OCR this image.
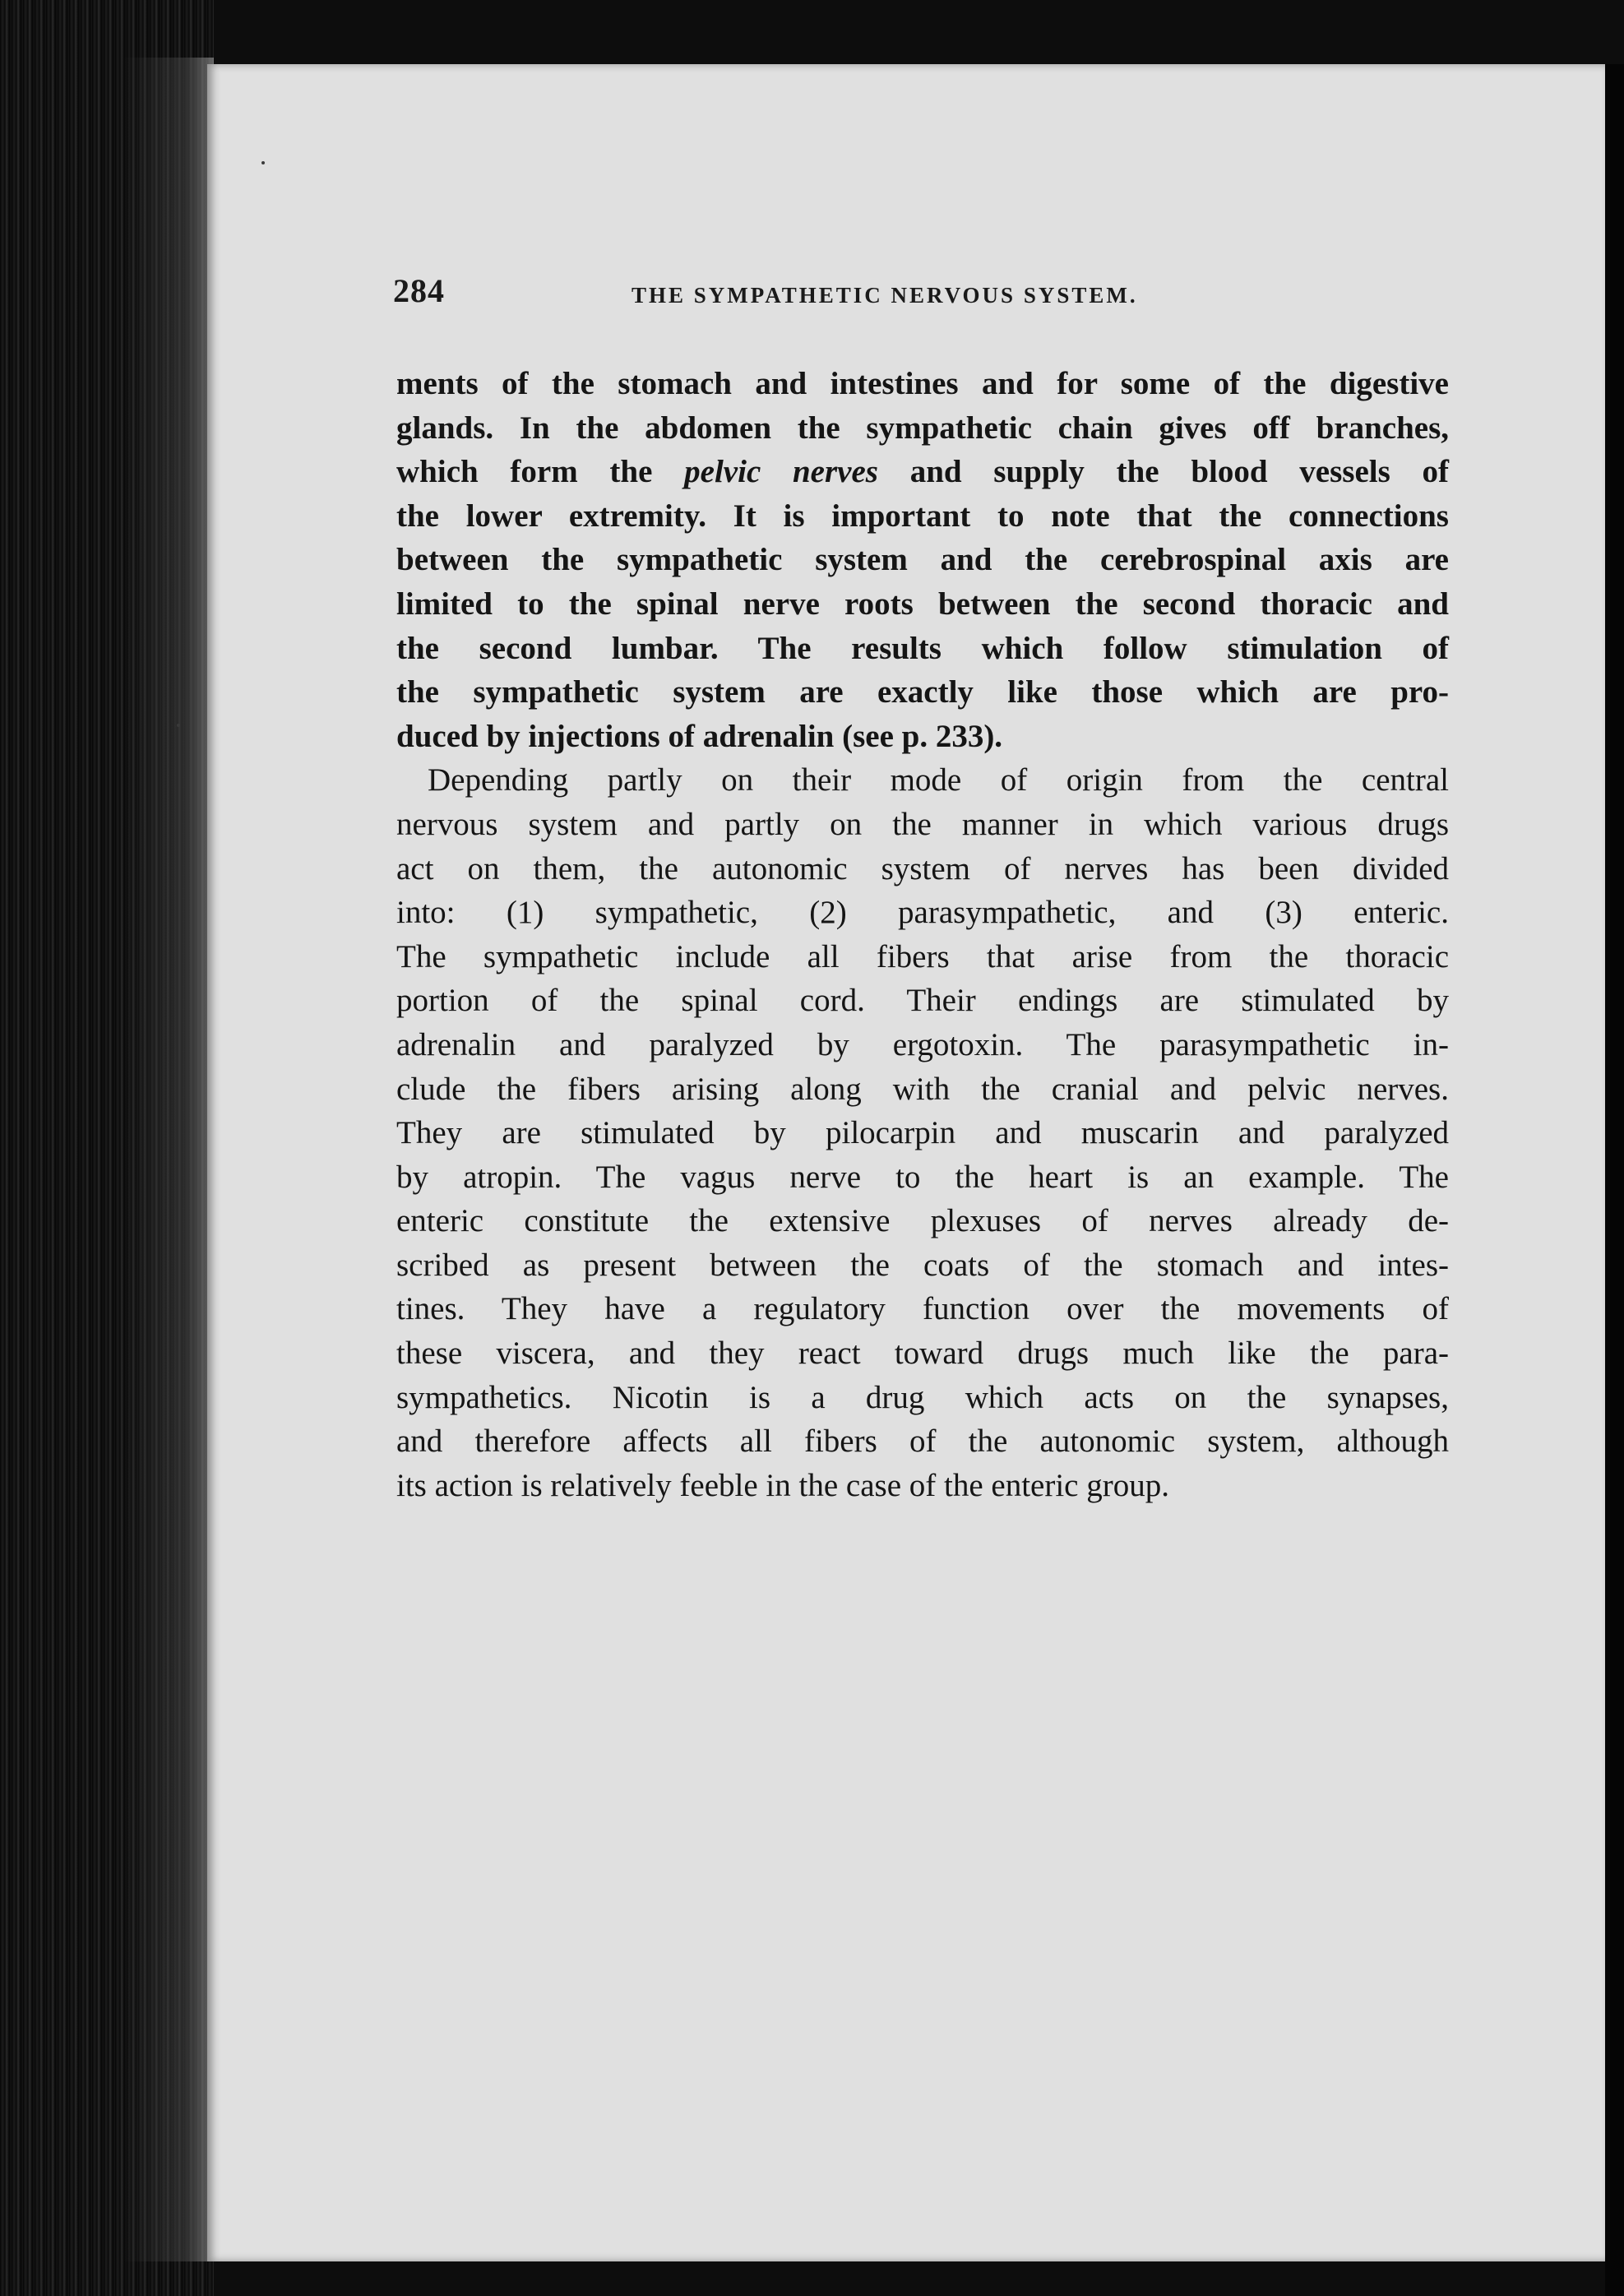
284	THE SYMPATHETIC NERVOUS SYSTEM.

ments of the stomach and intestines and for some of the digestive
glands. In the abdomen the sympathetic chain gives off branches,
which form the pelvic nerves and supply the blood vessels of
the lower extremity. It is important to note that the connections
between the sympathetic system and the cerebrospinal axis are
limited to the spinal nerve roots between the second thoracic and
the second lumbar. The results which follow stimulation of
the sympathetic system are exactly like those which are pro-
duced by injections of adrenalin (see p. 233).

Depending partly on their mode of origin from the central
nervous system and partly on the manner in which various drugs
act on them, the autonomic system of nerves has been divided
into: (1) sympathetic, (2) parasympathetic, and (3) enteric.
The sympathetic include all fibers that arise from the thoracic
portion of the spinal cord. Their endings are stimulated by
adrenalin and paralyzed by ergotoxin. The parasympathetic in-
clude the fibers arising along with the cranial and pelvic nerves.
They are stimulated by pilocarpin and muscarin and paralyzed
by atropin. The vagus nerve to the heart is an example. The
enteric constitute the extensive plexuses of nerves already de-
scribed as present between the coats of the stomach and intes-
tines. They have a regulatory function over the movements of
these viscera, and they react toward drugs much like the para-
sympathetics. Nicotin is a drug which acts on the synapses,
and therefore affects all fibers of the autonomic system, although
its action is relatively feeble in the case of the enteric group.
